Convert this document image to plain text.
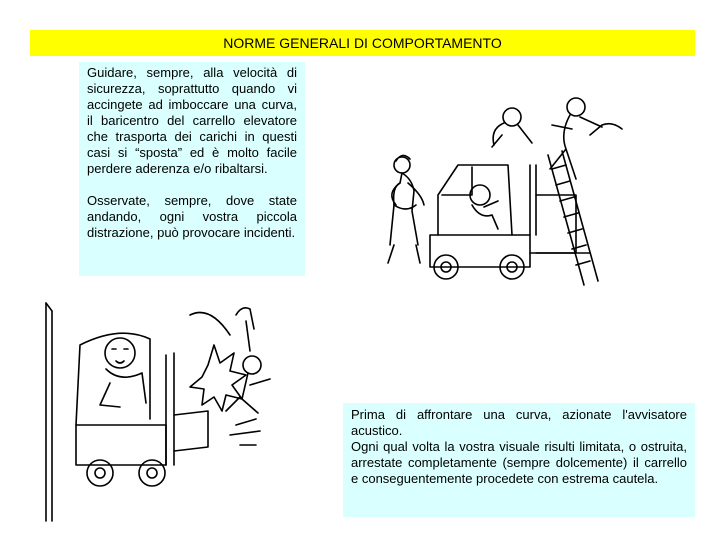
NORME GENERALI DI COMPORTAMENTO

Guidare, sempre, alla velocità di sicurezza, soprattutto quando vi accingete ad imboccare una curva, il baricentro del carrello elevatore che trasporta dei carichi in questi casi si “sposta” ed è molto facile perdere aderenza e/o ribaltarsi.

Osservate, sempre, dove state andando, ogni vostra piccola distrazione, può provocare incidenti.

Prima di affrontare una curva, azionate l'avvisatore acustico.

Ogni qual volta la vostra visuale risulti limitata, o ostruita, arrestate completamente (sempre dolcemente) il carrello e conseguentemente procedete con estrema cautela.
